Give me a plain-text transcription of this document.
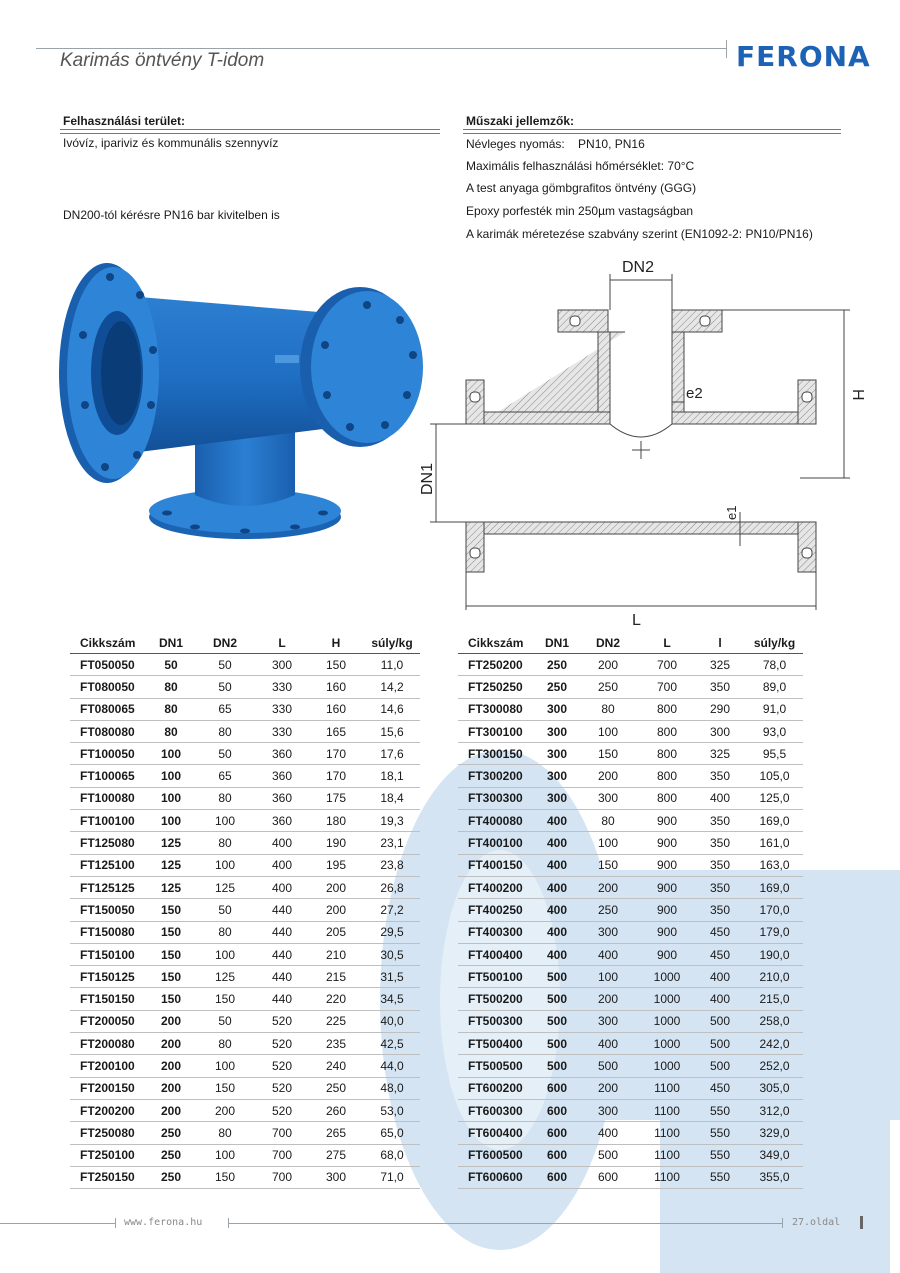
Karimás öntvény T-idom	FERONA
Felhasználási terület:
Ivóvíz, ipariviz és kommunális szennyvíz
DN200-tól kérésre PN16 bar kivitelben is
Műszaki jellemzők:
Névleges nyomás:    PN10, PN16
Maximális felhasználási hőmérséklet: 70°C
A test anyaga gömbgrafitos öntvény (GGG)
Epoxy porfesték min 250µm vastagságban
A karimák méretezése szabvány szerint (EN1092-2: PN10/PN16)
DN2
e2	H
DN1
e1
L
Cikkszám	DN1	DN2	L	H	súly/kg
FT050050	50	50	300	150	11,0
FT080050	80	50	330	160	14,2
FT080065	80	65	330	160	14,6
FT080080	80	80	330	165	15,6
FT100050	100	50	360	170	17,6
FT100065	100	65	360	170	18,1
FT100080	100	80	360	175	18,4
FT100100	100	100	360	180	19,3
FT125080	125	80	400	190	23,1
FT125100	125	100	400	195	23,8
FT125125	125	125	400	200	26,8
FT150050	150	50	440	200	27,2
FT150080	150	80	440	205	29,5
FT150100	150	100	440	210	30,5
FT150125	150	125	440	215	31,5
FT150150	150	150	440	220	34,5
FT200050	200	50	520	225	40,0
FT200080	200	80	520	235	42,5
FT200100	200	100	520	240	44,0
FT200150	200	150	520	250	48,0
FT200200	200	200	520	260	53,0
FT250080	250	80	700	265	65,0
FT250100	250	100	700	275	68,0
FT250150	250	150	700	300	71,0
Cikkszám	DN1	DN2	L	l	súly/kg
FT250200	250	200	700	325	78,0
FT250250	250	250	700	350	89,0
FT300080	300	80	800	290	91,0
FT300100	300	100	800	300	93,0
FT300150	300	150	800	325	95,5
FT300200	300	200	800	350	105,0
FT300300	300	300	800	400	125,0
FT400080	400	80	900	350	169,0
FT400100	400	100	900	350	161,0
FT400150	400	150	900	350	163,0
FT400200	400	200	900	350	169,0
FT400250	400	250	900	350	170,0
FT400300	400	300	900	450	179,0
FT400400	400	400	900	450	190,0
FT500100	500	100	1000	400	210,0
FT500200	500	200	1000	400	215,0
FT500300	500	300	1000	500	258,0
FT500400	500	400	1000	500	242,0
FT500500	500	500	1000	500	252,0
FT600200	600	200	1100	450	305,0
FT600300	600	300	1100	550	312,0
FT600400	600	400	1100	550	329,0
FT600500	600	500	1100	550	349,0
FT600600	600	600	1100	550	355,0
www.ferona.hu	27.oldal
